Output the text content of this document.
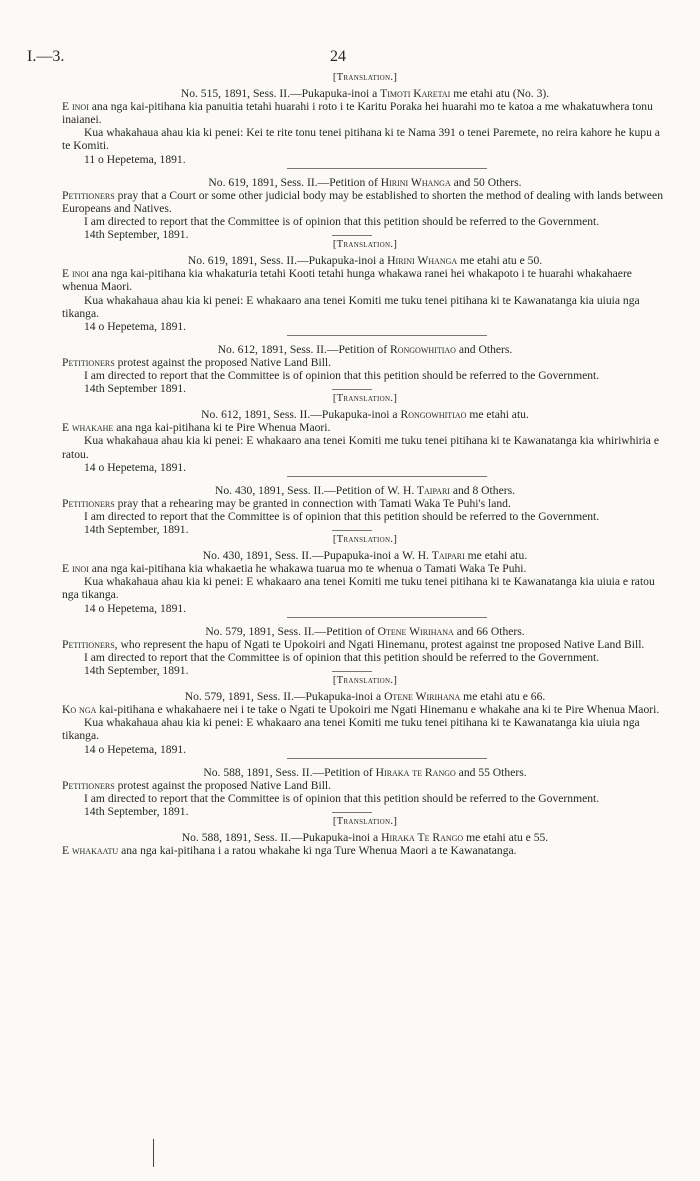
I.—3.	24
[Translation.]

No. 515, 1891, Sess. II.—Pukapuka-inoi a Timoti Karetai me etahi atu (No. 3).

E inoi ana nga kai-pitihana kia panuitia tetahi huarahi i roto i te Karitu Poraka hei huarahi mo te katoa a me whakatuwhera tonu inaianei.

Kua whakahaua ahau kia ki penei: Kei te rite tonu tenei pitihana ki te Nama 391 o tenei Paremete, no reira kahore he kupu a te Komiti.

11 o Hepetema, 1891.

No. 619, 1891, Sess. II.—Petition of Hirini Whanga and 50 Others.

Petitioners pray that a Court or some other judicial body may be established to shorten the method of dealing with lands between Europeans and Natives.

I am directed to report that the Committee is of opinion that this petition should be referred to the Government.

14th September, 1891.

[Translation.]

No. 619, 1891, Sess. II.—Pukapuka-inoi a Hirini Whanga me etahi atu e 50.

E inoi ana nga kai-pitihana kia whakaturia tetahi Kooti tetahi hunga whakawa ranei hei whakapoto i te huarahi whakahaere whenua Maori.

Kua whakahaua ahau kia ki penei: E whakaaro ana tenei Komiti me tuku tenei pitihana ki te Kawanatanga kia uiuia nga tikanga.

14 o Hepetema, 1891.

No. 612, 1891, Sess. II.—Petition of Rongowhitiao and Others.

Petitioners protest against the proposed Native Land Bill.

I am directed to report that the Committee is of opinion that this petition should be referred to the Government.

14th September 1891.

[Translation.]

No. 612, 1891, Sess. II.—Pukapuka-inoi a Rongowhitiao me etahi atu.

E whakahe ana nga kai-pitihana ki te Pire Whenua Maori.

Kua whakahaua ahau kia ki penei: E whakaaro ana tenei Komiti me tuku tenei pitihana ki te Kawanatanga kia whiriwhiria e ratou.

14 o Hepetema, 1891.

No. 430, 1891, Sess. II.—Petition of W. H. Taipari and 8 Others.

Petitioners pray that a rehearing may be granted in connection with Tamati Waka Te Puhi's land.

I am directed to report that the Committee is of opinion that this petition should be referred to the Government.

14th September, 1891.

[Translation.]

No. 430, 1891, Sess. II.—Pupapuka-inoi a W. H. Taipari me etahi atu.

E inoi ana nga kai-pitihana kia whakaetia he whakawa tuarua mo te whenua o Tamati Waka Te Puhi.

Kua whakahaua ahau kia ki penei: E whakaaro ana tenei Komiti me tuku tenei pitihana ki te Kawanatanga kia uiuia e ratou nga tikanga.

14 o Hepetema, 1891.

No. 579, 1891, Sess. II.—Petition of Otene Wirihana and 66 Others.

Petitioners, who represent the hapu of Ngati te Upokoiri and Ngati Hinemanu, protest against tne proposed Native Land Bill.

I am directed to report that the Committee is of opinion that this petition should be referred to the Government.

14th September, 1891.

[Translation.]

No. 579, 1891, Sess. II.—Pukapuka-inoi a Otene Wirihana me etahi atu e 66.

Ko nga kai-pitihana e whakahaere nei i te take o Ngati te Upokoiri me Ngati Hinemanu e whakahe ana ki te Pire Whenua Maori.

Kua whakahaua ahau kia ki penei: E whakaaro ana tenei Komiti me tuku tenei pitihana ki te Kawanatanga kia uiuia nga tikanga.

14 o Hepetema, 1891.

No. 588, 1891, Sess. II.—Petition of Hiraka te Rango and 55 Others.

Petitioners protest against the proposed Native Land Bill.

I am directed to report that the Committee is of opinion that this petition should be referred to the Government.

14th September, 1891.

[Translation.]

No. 588, 1891, Sess. II.—Pukapuka-inoi a Hiraka Te Rango me etahi atu e 55.

E whakaatu ana nga kai-pitihana i a ratou whakahe ki nga Ture Whenua Maori a te Kawanatanga.
